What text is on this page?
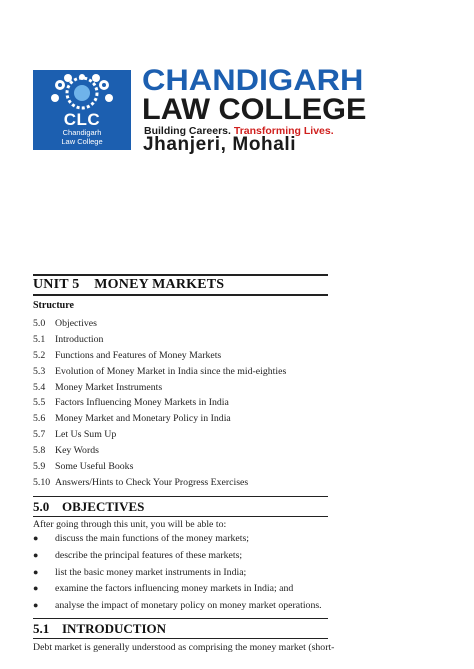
CLC
Chandigarh
Law College
CHANDIGARH
LAW COLLEGE
Building Careers. Transforming Lives.
Jhanjeri, Mohali
UNIT 5    MONEY MARKETS
Structure
5.0 Objectives
5.1 Introduction
5.2 Functions and Features of Money Markets
5.3 Evolution of Money Market in India since the mid-eighties
5.4 Money Market Instruments
5.5 Factors Influencing Money Markets in India
5.6 Money Market and Monetary Policy in India
5.7 Let Us Sum Up
5.8 Key Words
5.9 Some Useful Books
5.10 Answers/Hints to Check Your Progress Exercises
5.0 OBJECTIVES

After going through this unit, you will be able to:

● discuss the main functions of the money markets;
● describe the principal features of these markets;
● list the basic money market instruments in India;
● examine the factors influencing money markets in India; and
● analyse the impact of monetary policy on money market operations.
5.1 INTRODUCTION

Debt market is generally understood as comprising the money market (short-
